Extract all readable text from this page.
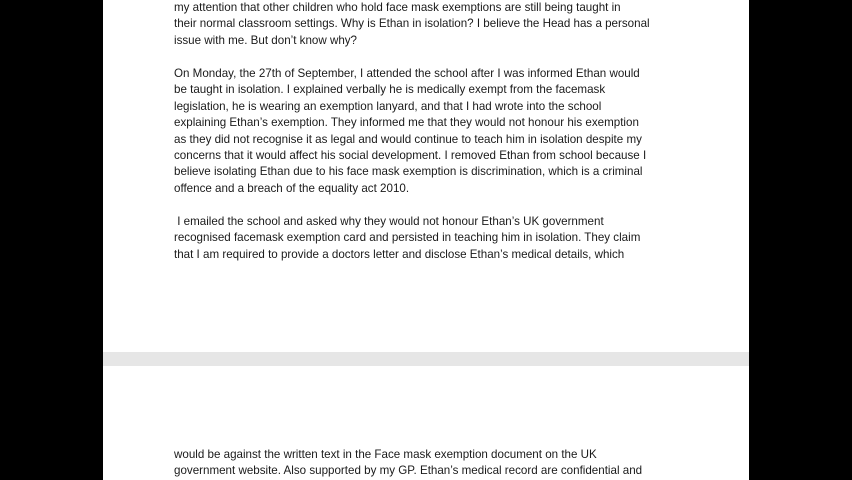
my attention that other children who hold face mask exemptions are still being taught in
their normal classroom settings. Why is Ethan in isolation? I believe the Head has a personal
issue with me. But don’t know why?
On Monday, the 27th of September, I attended the school after I was informed Ethan would
be taught in isolation. I explained verbally he is medically exempt from the facemask
legislation, he is wearing an exemption lanyard, and that I had wrote into the school
explaining Ethan’s exemption. They informed me that they would not honour his exemption
as they did not recognise it as legal and would continue to teach him in isolation despite my
concerns that it would affect his social development. I removed Ethan from school because I
believe isolating Ethan due to his face mask exemption is discrimination, which is a criminal
offence and a breach of the equality act 2010.
I emailed the school and asked why they would not honour Ethan’s UK government
recognised facemask exemption card and persisted in teaching him in isolation. They claim
that I am required to provide a doctors letter and disclose Ethan’s medical details, which
would be against the written text in the Face mask exemption document on the UK
government website. Also supported by my GP. Ethan’s medical record are confidential and
